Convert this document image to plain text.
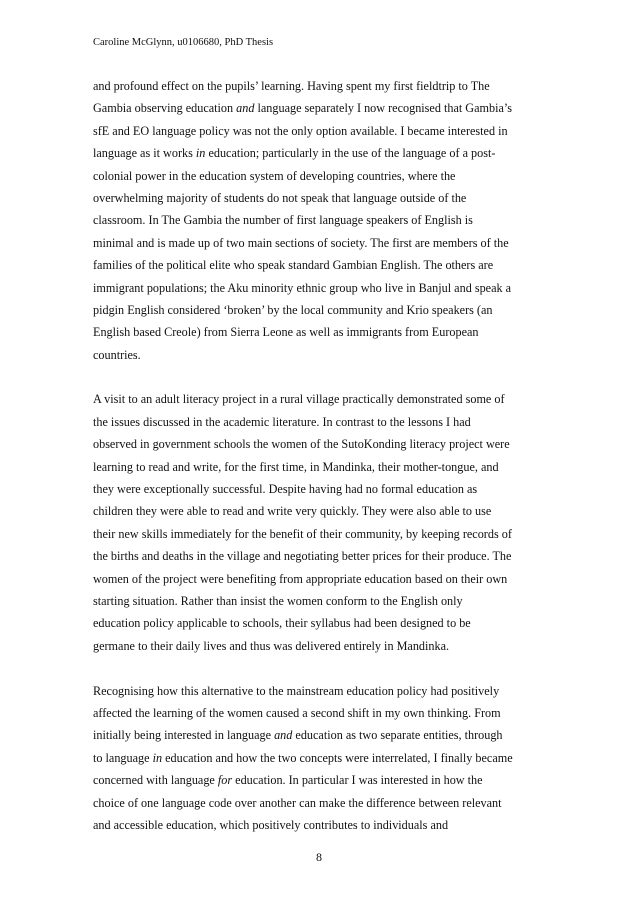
Caroline McGlynn, u0106680, PhD Thesis
and profound effect on the pupils’ learning. Having spent my first fieldtrip to The
Gambia observing education and language separately I now recognised that Gambia’s
sfE and EO language policy was not the only option available. I became interested in
language as it works in education; particularly in the use of the language of a post-
colonial power in the education system of developing countries, where the
overwhelming majority of students do not speak that language outside of the
classroom. In The Gambia the number of first language speakers of English is
minimal and is made up of two main sections of society. The first are members of the
families of the political elite who speak standard Gambian English. The others are
immigrant populations; the Aku minority ethnic group who live in Banjul and speak a
pidgin English considered ‘broken’ by the local community and Krio speakers (an
English based Creole) from Sierra Leone as well as immigrants from European
countries.
A visit to an adult literacy project in a rural village practically demonstrated some of
the issues discussed in the academic literature. In contrast to the lessons I had
observed in government schools the women of the SutoKonding literacy project were
learning to read and write, for the first time, in Mandinka, their mother-tongue, and
they were exceptionally successful. Despite having had no formal education as
children they were able to read and write very quickly. They were also able to use
their new skills immediately for the benefit of their community, by keeping records of
the births and deaths in the village and negotiating better prices for their produce. The
women of the project were benefiting from appropriate education based on their own
starting situation. Rather than insist the women conform to the English only
education policy applicable to schools, their syllabus had been designed to be
germane to their daily lives and thus was delivered entirely in Mandinka.
Recognising how this alternative to the mainstream education policy had positively
affected the learning of the women caused a second shift in my own thinking. From
initially being interested in language and education as two separate entities, through
to language in education and how the two concepts were interrelated, I finally became
concerned with language for education. In particular I was interested in how the
choice of one language code over another can make the difference between relevant
and accessible education, which positively contributes to individuals and
8
